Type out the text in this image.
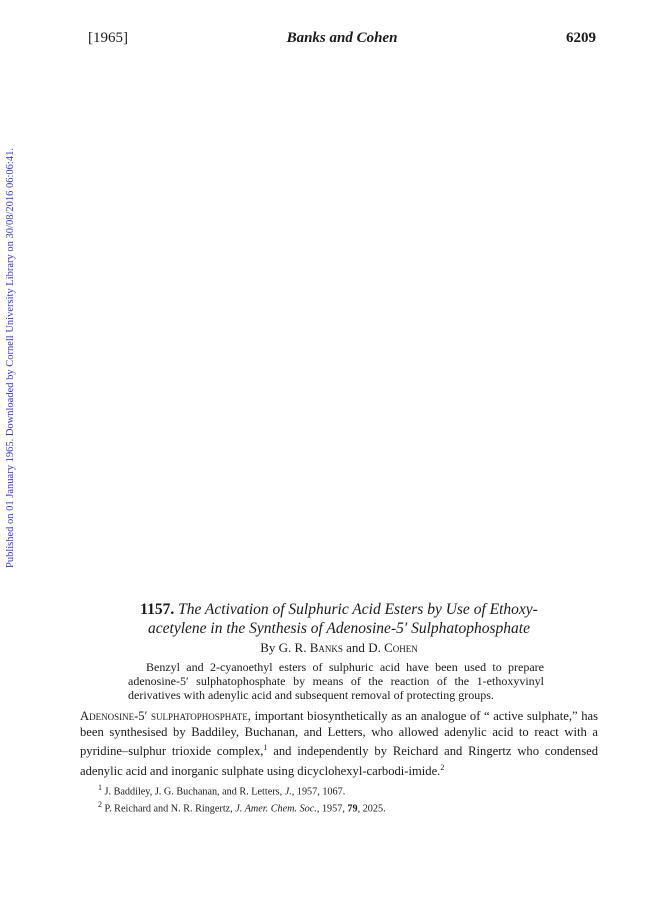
[1965]	Banks and Cohen	6209
Published on 01 January 1965. Downloaded by Cornell University Library on 30/08/2016 06:06:41.

1157. The Activation of Sulphuric Acid Esters by Use of Ethoxy-
acetylene in the Synthesis of Adenosine-5′ Sulphatophosphate

By G. R. Banks and D. Cohen

Benzyl and 2-cyanoethyl esters of sulphuric acid have been used to prepare adenosine-5′ sulphatophosphate by means of the reaction of the 1-ethoxyvinyl derivatives with adenylic acid and subsequent removal of protecting groups.

Adenosine-5′ sulphatophosphate, important biosynthetically as an analogue of “ active sulphate,” has been synthesised by Baddiley, Buchanan, and Letters, who allowed adenylic acid to react with a pyridine–sulphur trioxide complex,$^1$ and independently by Reichard and Ringertz who condensed adenylic acid and inorganic sulphate using dicyclohexyl-carbodi-imide.$^2$

$^1$ J. Baddiley, J. G. Buchanan, and R. Letters, J., 1957, 1067.

$^2$ P. Reichard and N. R. Ringertz, J. Amer. Chem. Soc., 1957, 79, 2025.
